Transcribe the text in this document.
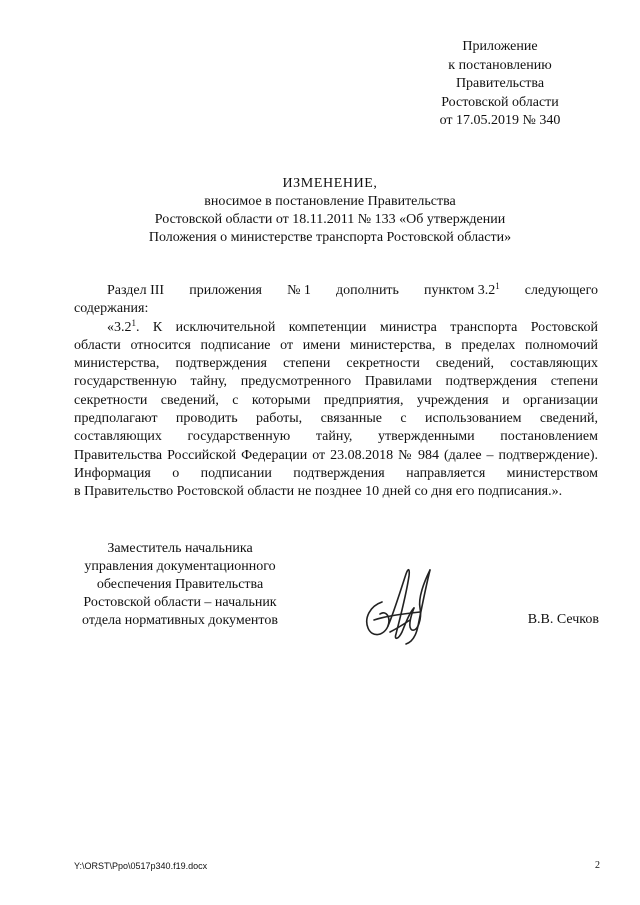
Приложение
к постановлению
Правительства
Ростовской области
от 17.05.2019 № 340
ИЗМЕНЕНИЕ,
вносимое в постановление Правительства
Ростовской области от 18.11.2011 № 133 «Об утверждении
Положения о министерстве транспорта Ростовской области»
Раздел III приложения № 1 дополнить пунктом $3.2^1$ следующего

содержания:

«$3.2^1$. К исключительной компетенции министра транспорта Ростовской
области относится подписание от имени министерства, в пределах полномочий
министерства, подтверждения степени секретности сведений, составляющих
государственную тайну, предусмотренного Правилами подтверждения степени
секретности сведений, с которыми предприятия, учреждения и организации
предполагают проводить работы, связанные с использованием сведений,
составляющих государственную тайну, утвержденными постановлением
Правительства Российской Федерации от 23.08.2018 № 984 (далее – подтверждение).
Информация о подписании подтверждения направляется министерством
в Правительство Ростовской области не позднее 10 дней со дня его подписания.».
Заместитель начальника
управления документационного
обеспечения Правительства
Ростовской области – начальник
отдела нормативных документов	В.В. Сечков
Y:\ORST\Ppo\0517p340.f19.docx	2
